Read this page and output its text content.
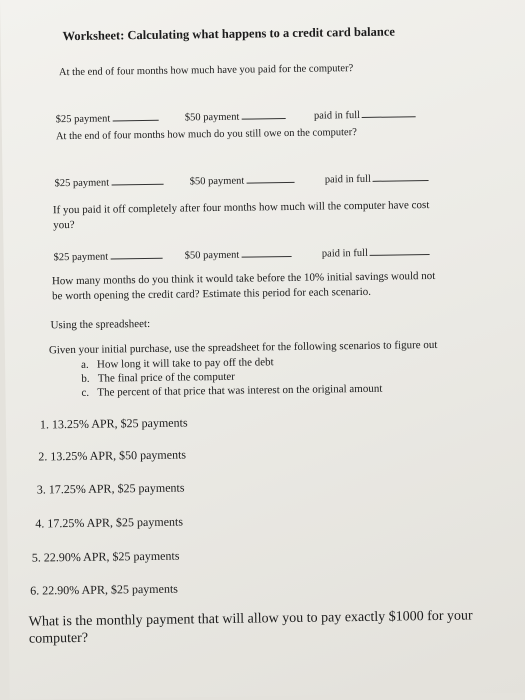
Worksheet: Calculating what happens to a credit card balance
At the end of four months how much have you paid for the computer?
$25 payment	$50 payment	paid in full
At the end of four months how much do you still owe on the computer?
$25 payment	$50 payment	paid in full
If you paid it off completely after four months how much will the computer have cost
you?
$25 payment	$50 payment	paid in full
How many months do you think it would take before the 10% initial savings would not
be worth opening the credit card? Estimate this period for each scenario.
Using the spreadsheet:
Given your initial purchase, use the spreadsheet for the following scenarios to figure out
a. How long it will take to pay off the debt
b. The final price of the computer
c. The percent of that price that was interest on the original amount
1. 13.25% APR, $25 payments
2. 13.25% APR, $50 payments
3. 17.25% APR, $25 payments
4. 17.25% APR, $25 payments
5. 22.90% APR, $25 payments
6. 22.90% APR, $25 payments
What is the monthly payment that will allow you to pay exactly $1000 for your computer?
